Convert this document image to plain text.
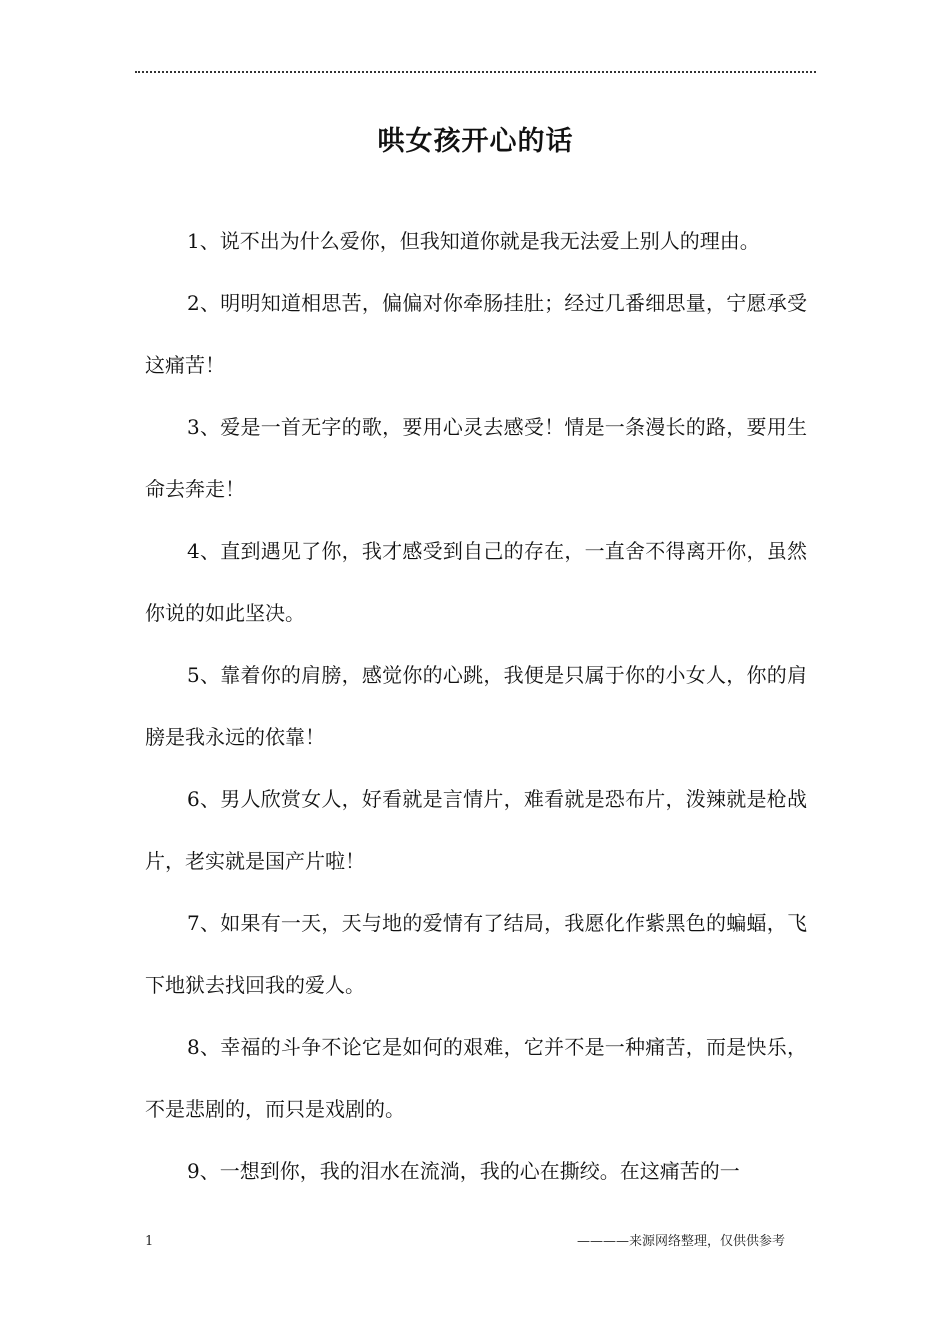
哄女孩开心的话

1、说不出为什么爱你，但我知道你就是我无法爱上别人的理由。

2、明明知道相思苦，偏偏对你牵肠挂肚；经过几番细思量，宁愿承受这痛苦！

3、爱是一首无字的歌，要用心灵去感受！情是一条漫长的路，要用生命去奔走！

4、直到遇见了你，我才感受到自己的存在，一直舍不得离开你，虽然你说的如此坚决。

5、靠着你的肩膀，感觉你的心跳，我便是只属于你的小女人，你的肩膀是我永远的依靠！

6、男人欣赏女人，好看就是言情片，难看就是恐布片，泼辣就是枪战片，老实就是国产片啦！

7、如果有一天，天与地的爱情有了结局，我愿化作紫黑色的蝙蝠，飞下地狱去找回我的爱人。

8、幸福的斗争不论它是如何的艰难，它并不是一种痛苦，而是快乐，不是悲剧的，而只是戏剧的。

9、一想到你，我的泪水在流淌，我的心在撕绞。在这痛苦的一

1	————来源网络整理，仅供供参考
